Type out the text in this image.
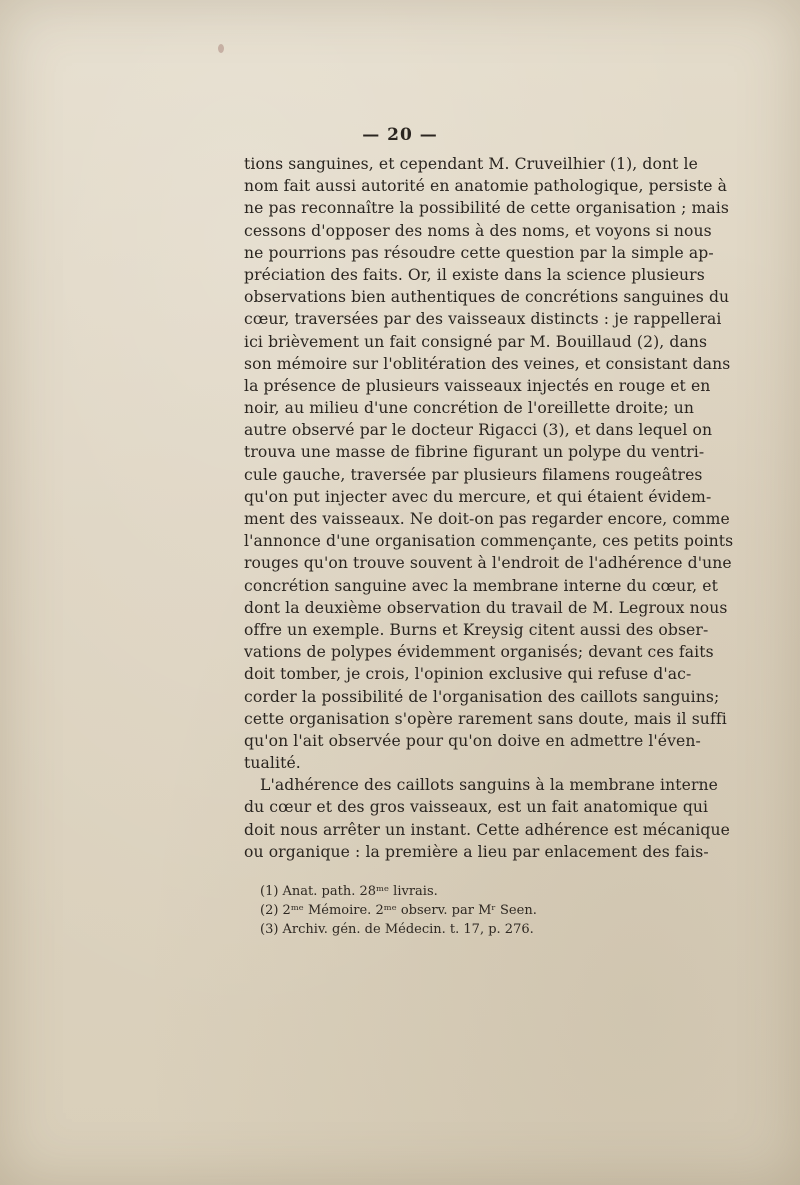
— 20 —
tions sanguines, et cependant M. Cruveilhier (1), dont le
nom fait aussi autorité en anatomie pathologique, persiste à
ne pas reconnaître la possibilité de cette organisation ; mais
cessons d'opposer des noms à des noms, et voyons si nous
ne pourrions pas résoudre cette question par la simple ap-
préciation des faits. Or, il existe dans la science plusieurs
observations bien authentiques de concrétions sanguines du
cœur, traversées par des vaisseaux distincts : je rappellerai
ici brièvement un fait consigné par M. Bouillaud (2), dans
son mémoire sur l'oblitération des veines, et consistant dans
la présence de plusieurs vaisseaux injectés en rouge et en
noir, au milieu d'une concrétion de l'oreillette droite; un
autre observé par le docteur Rigacci (3), et dans lequel on
trouva une masse de fibrine figurant un polype du ventri-
cule gauche, traversée par plusieurs filamens rougeâtres
qu'on put injecter avec du mercure, et qui étaient évidem-
ment des vaisseaux. Ne doit-on pas regarder encore, comme
l'annonce d'une organisation commençante, ces petits points
rouges qu'on trouve souvent à l'endroit de l'adhérence d'une
concrétion sanguine avec la membrane interne du cœur, et
dont la deuxième observation du travail de M. Legroux nous
offre un exemple. Burns et Kreysig citent aussi des obser-
vations de polypes évidemment organisés; devant ces faits
doit tomber, je crois, l'opinion exclusive qui refuse d'ac-
corder la possibilité de l'organisation des caillots sanguins;
cette organisation s'opère rarement sans doute, mais il suffi
qu'on l'ait observée pour qu'on doive en admettre l'éven-
tualité.
L'adhérence des caillots sanguins à la membrane interne
du cœur et des gros vaisseaux, est un fait anatomique qui
doit nous arrêter un instant. Cette adhérence est mécanique
ou organique : la première a lieu par enlacement des fais-
(1) Anat. path. 28ᵐᵉ livrais.
(2) 2ᵐᵉ Mémoire. 2ᵐᵉ observ. par Mʳ Seen.
(3) Archiv. gén. de Médecin. t. 17, p. 276.
